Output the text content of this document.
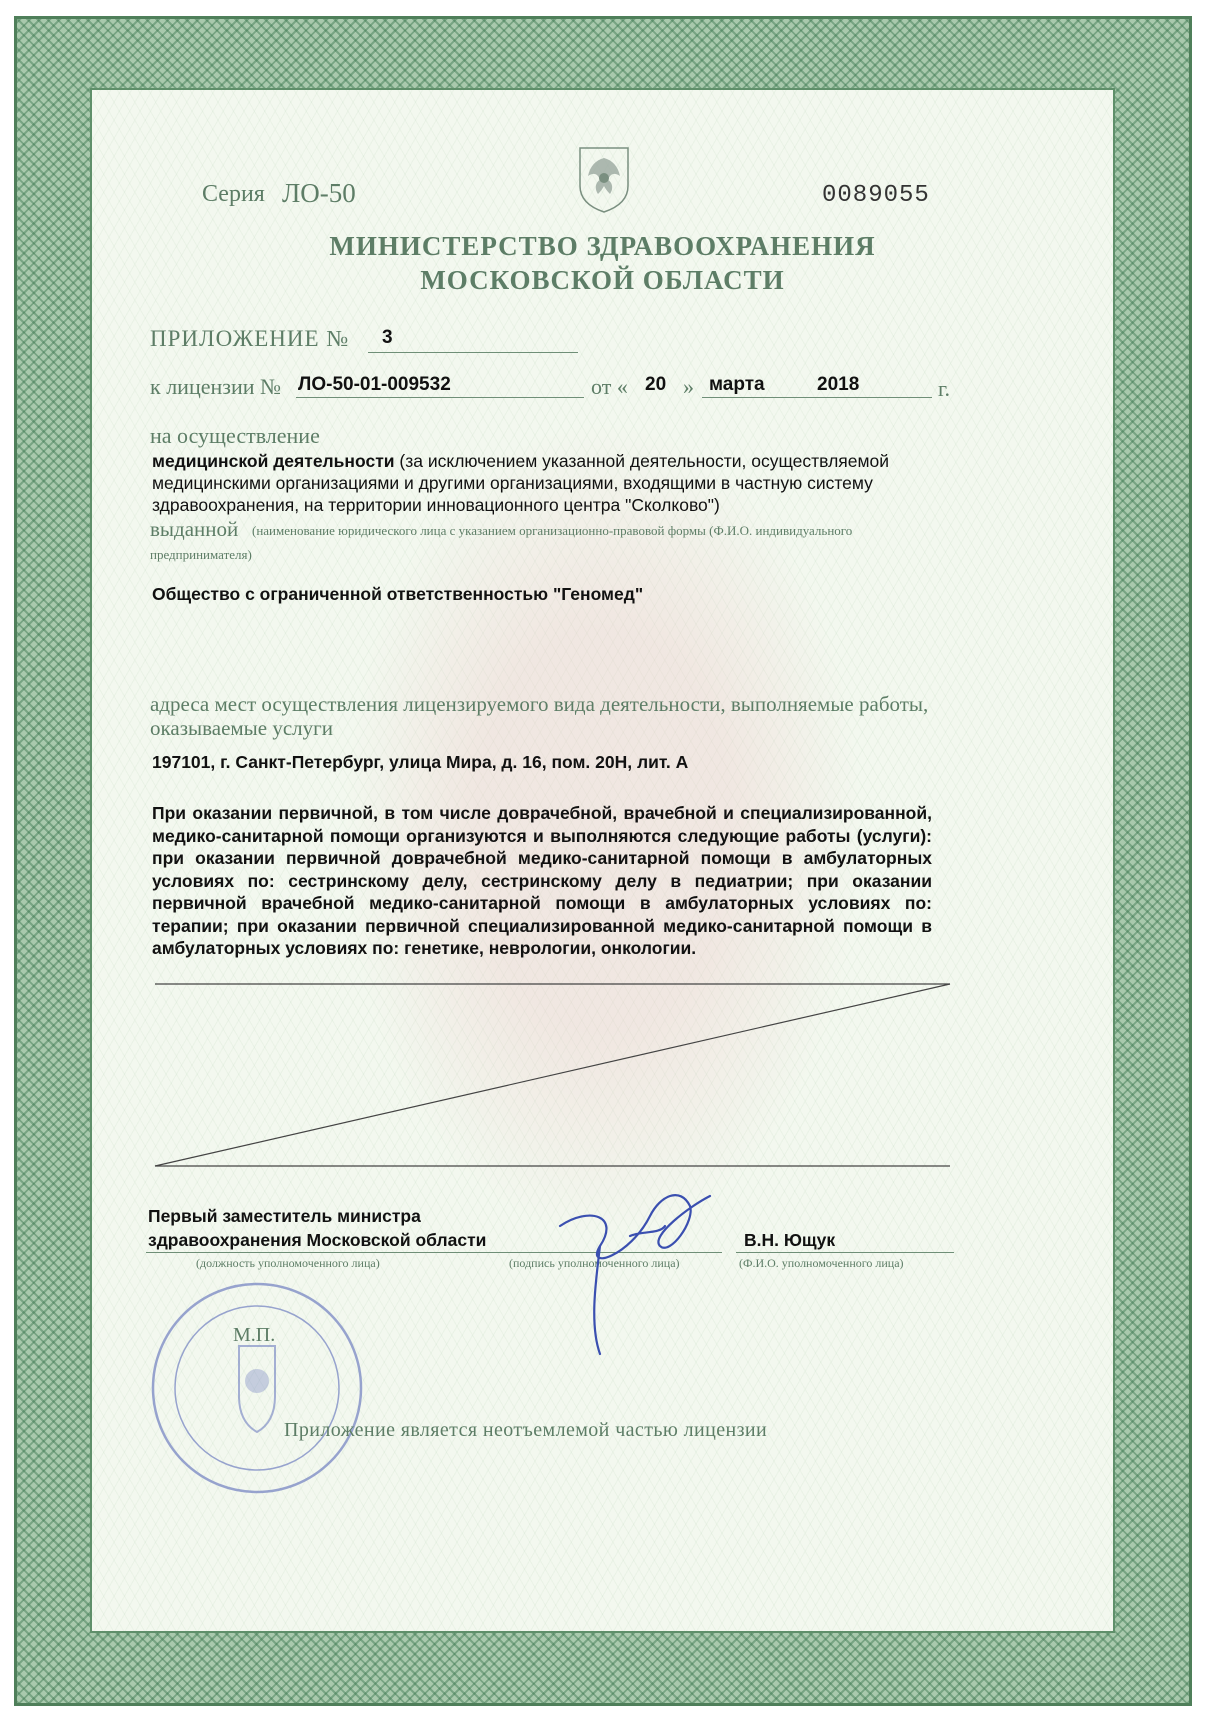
Серия ЛО-50	0089055
МИНИСТЕРСТВО ЗДРАВООХРАНЕНИЯ
МОСКОВСКОЙ ОБЛАСТИ
ПРИЛОЖЕНИЕ № 3
к лицензии № ЛО-50-01-009532	от « 20 » марта	2018	г.
на осуществление
медицинской деятельности (за исключением указанной деятельности, осуществляемой медицинскими организациями и другими организациями, входящими в частную систему здравоохранения, на территории инновационного центра "Сколково")
выданной (наименование юридического лица с указанием организационно-правовой формы (Ф.И.О. индивидуального
предпринимателя)
Общество с ограниченной ответственностью "Геномед"
адреса мест осуществления лицензируемого вида деятельности, выполняемые работы, оказываемые услуги
197101, г. Санкт-Петербург, улица Мира, д. 16, пом. 20Н, лит. А
При оказании первичной, в том числе доврачебной, врачебной и специализированной, медико-санитарной помощи организуются и выполняются следующие работы (услуги): при оказании первичной доврачебной медико-санитарной помощи в амбулаторных условиях по: сестринскому делу, сестринскому делу в педиатрии; при оказании первичной врачебной медико-санитарной помощи в амбулаторных условиях по: терапии; при оказании первичной специализированной медико-санитарной помощи в амбулаторных условиях по: генетике, неврологии, онкологии.
Первый заместитель министра
здравоохранения Московской области	В.Н. Ющук
(должность уполномоченного лица)	(подпись уполномоченного лица)	(Ф.И.О. уполномоченного лица)
М.П.
Приложение является неотъемлемой частью лицензии
